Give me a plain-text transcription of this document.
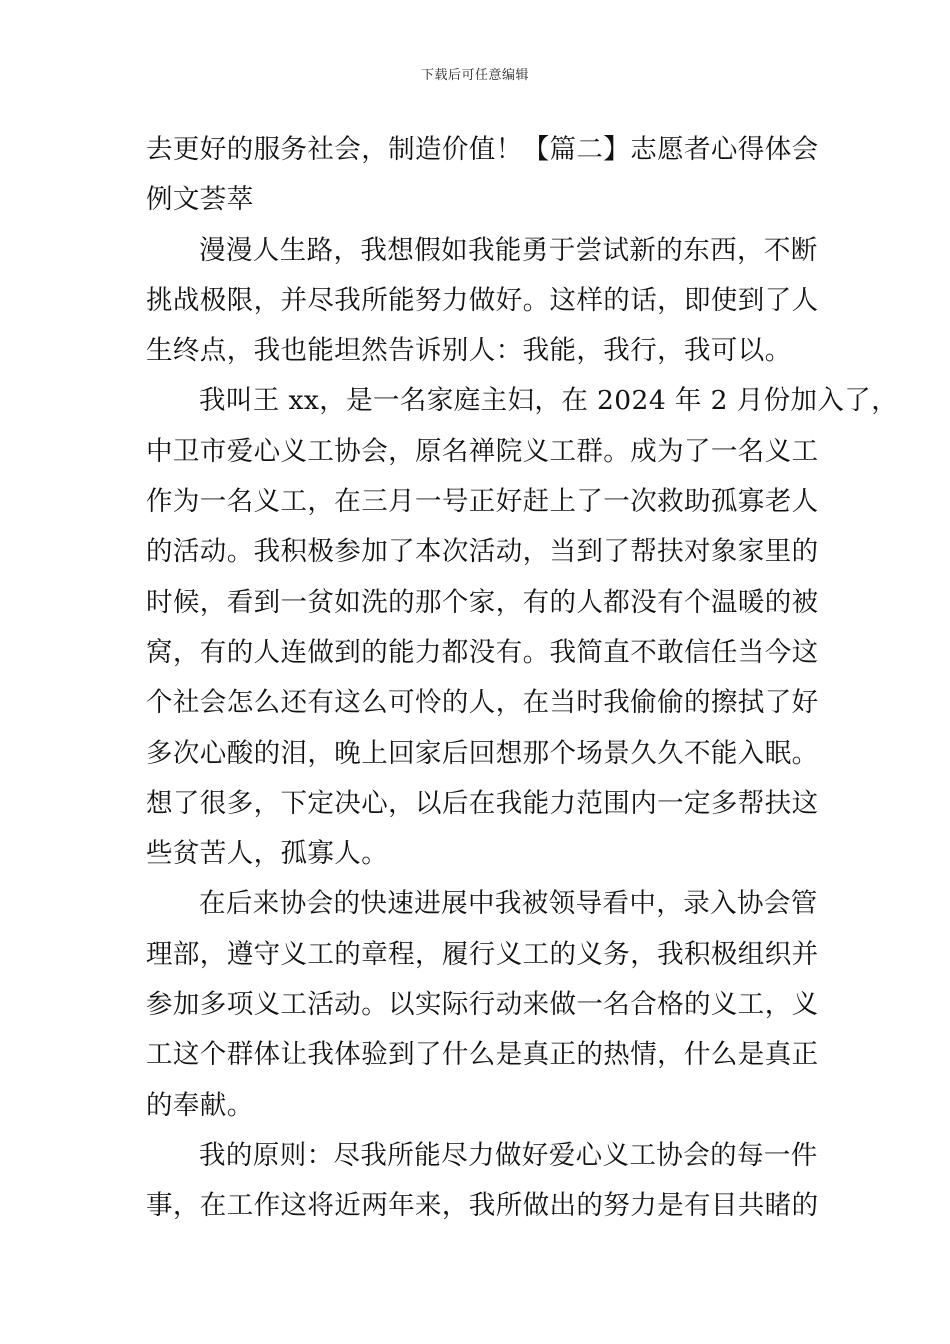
下载后可任意编辑
去更好的服务社会，制造价值！【篇二】志愿者心得体会
例文荟萃
漫漫人生路，我想假如我能勇于尝试新的东西，不断
挑战极限，并尽我所能努力做好。这样的话，即使到了人
生终点，我也能坦然告诉别人：我能，我行，我可以。
我叫王 xx，是一名家庭主妇，在 2024 年 2 月份加入了，
中卫市爱心义工协会，原名禅院义工群。成为了一名义工
作为一名义工，在三月一号正好赶上了一次救助孤寡老人
的活动。我积极参加了本次活动，当到了帮扶对象家里的
时候，看到一贫如洗的那个家，有的人都没有个温暖的被
窝，有的人连做到的能力都没有。我简直不敢信任当今这
个社会怎么还有这么可怜的人，在当时我偷偷的擦拭了好
多次心酸的泪，晚上回家后回想那个场景久久不能入眠。
想了很多，下定决心，以后在我能力范围内一定多帮扶这
些贫苦人，孤寡人。
在后来协会的快速进展中我被领导看中，录入协会管
理部，遵守义工的章程，履行义工的义务，我积极组织并
参加多项义工活动。以实际行动来做一名合格的义工，义
工这个群体让我体验到了什么是真正的热情，什么是真正
的奉献。
我的原则：尽我所能尽力做好爱心义工协会的每一件
事，在工作这将近两年来，我所做出的努力是有目共睹的
